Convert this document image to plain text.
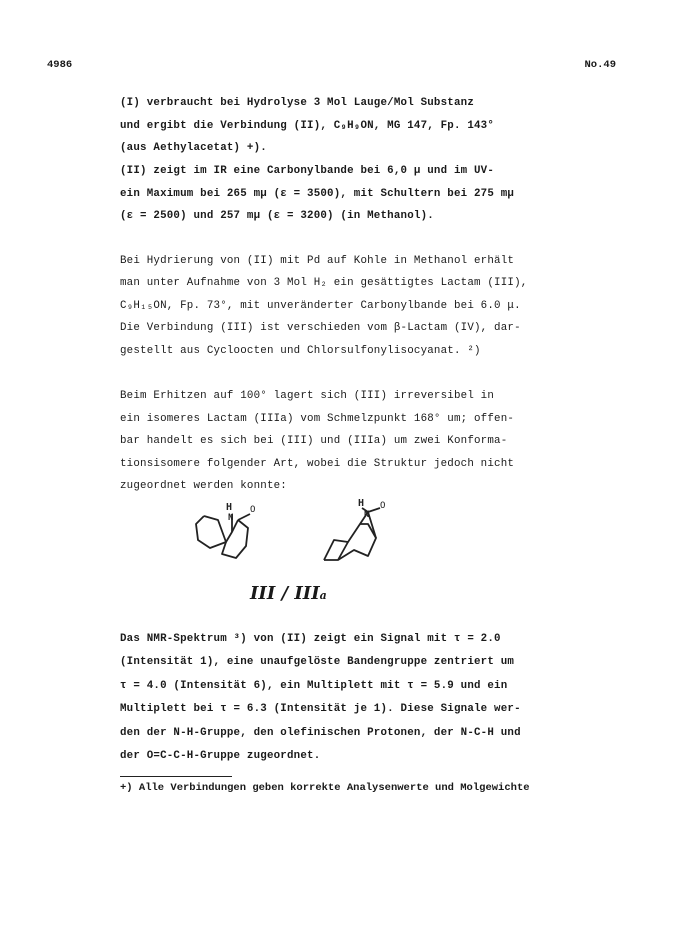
4986	No.49
(I) verbraucht bei Hydrolyse 3 Mol Lauge/Mol Substanz
und ergibt die Verbindung (II), C₉H₉ON, MG 147, Fp. 143°
(aus Aethylacetat) +).
(II) zeigt im IR eine Carbonylbande bei 6,0 μ und im UV-
ein Maximum bei 265 mμ (ε = 3500), mit Schultern bei 275 mμ
(ε = 2500) und 257 mμ (ε = 3200) (in Methanol).
Bei Hydrierung von (II) mit Pd auf Kohle in Methanol erhält
man unter Aufnahme von 3 Mol H₂ ein gesättigtes Lactam (III),
C₉H₁₅ON, Fp. 73°, mit unveränderter Carbonylbande bei 6.0 μ.
Die Verbindung (III) ist verschieden vom β-Lactam (IV), dar-
gestellt aus Cycloocten und Chlorsulfonylisocyanat. ²)
Beim Erhitzen auf 100° lagert sich (III) irreversibel in
ein isomeres Lactam (IIIa) vom Schmelzpunkt 168° um; offen-
bar handelt es sich bei (III) und (IIIa) um zwei Konforma-
tionsisomere folgender Art, wobei die Struktur jedoch nicht
zugeordnet werden konnte:
H
N
O
H
N
O
III / IIIa
Das NMR-Spektrum ³) von (II) zeigt ein Signal mit τ = 2.0
(Intensität 1), eine unaufgelöste Bandengruppe zentriert um
τ = 4.0 (Intensität 6), ein Multiplett mit τ = 5.9 und ein
Multiplett bei τ = 6.3 (Intensität je 1). Diese Signale wer-
den der N-H-Gruppe, den olefinischen Protonen, der N-C-H und
der O=C-C-H-Gruppe zugeordnet.
+) Alle Verbindungen geben korrekte Analysenwerte und Molgewichte
